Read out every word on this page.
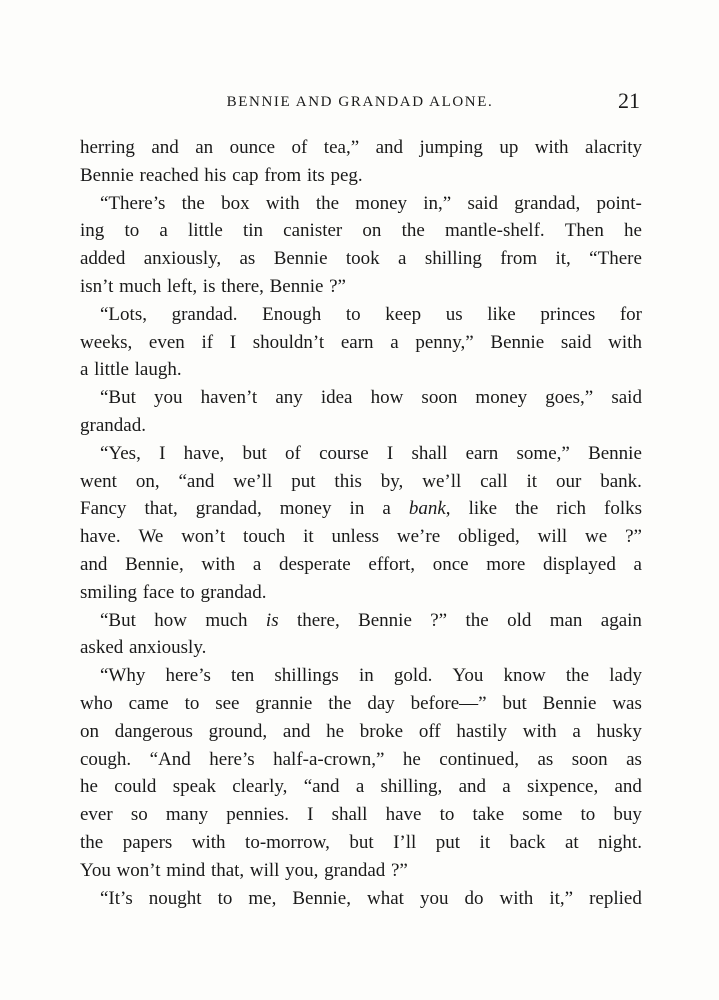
BENNIE AND GRANDAD ALONE.	21
herring and an ounce of tea,” and jumping up with alacrity
Bennie reached his cap from its peg.
“There’s the box with the money in,” said grandad, point-
ing to a little tin canister on the mantle-shelf. Then he
added anxiously, as Bennie took a shilling from it, “There
isn’t much left, is there, Bennie ?”
“Lots, grandad. Enough to keep us like princes for
weeks, even if I shouldn’t earn a penny,” Bennie said with
a little laugh.
“But you haven’t any idea how soon money goes,” said
grandad.
“Yes, I have, but of course I shall earn some,” Bennie
went on, “and we’ll put this by, we’ll call it our bank.
Fancy that, grandad, money in a bank, like the rich folks
have. We won’t touch it unless we’re obliged, will we ?”
and Bennie, with a desperate effort, once more displayed a
smiling face to grandad.
“But how much is there, Bennie ?” the old man again
asked anxiously.
“Why here’s ten shillings in gold. You know the lady
who came to see grannie the day before—” but Bennie was
on dangerous ground, and he broke off hastily with a husky
cough. “And here’s half-a-crown,” he continued, as soon as
he could speak clearly, “and a shilling, and a sixpence, and
ever so many pennies. I shall have to take some to buy
the papers with to-morrow, but I’ll put it back at night.
You won’t mind that, will you, grandad ?”
“It’s nought to me, Bennie, what you do with it,” replied
